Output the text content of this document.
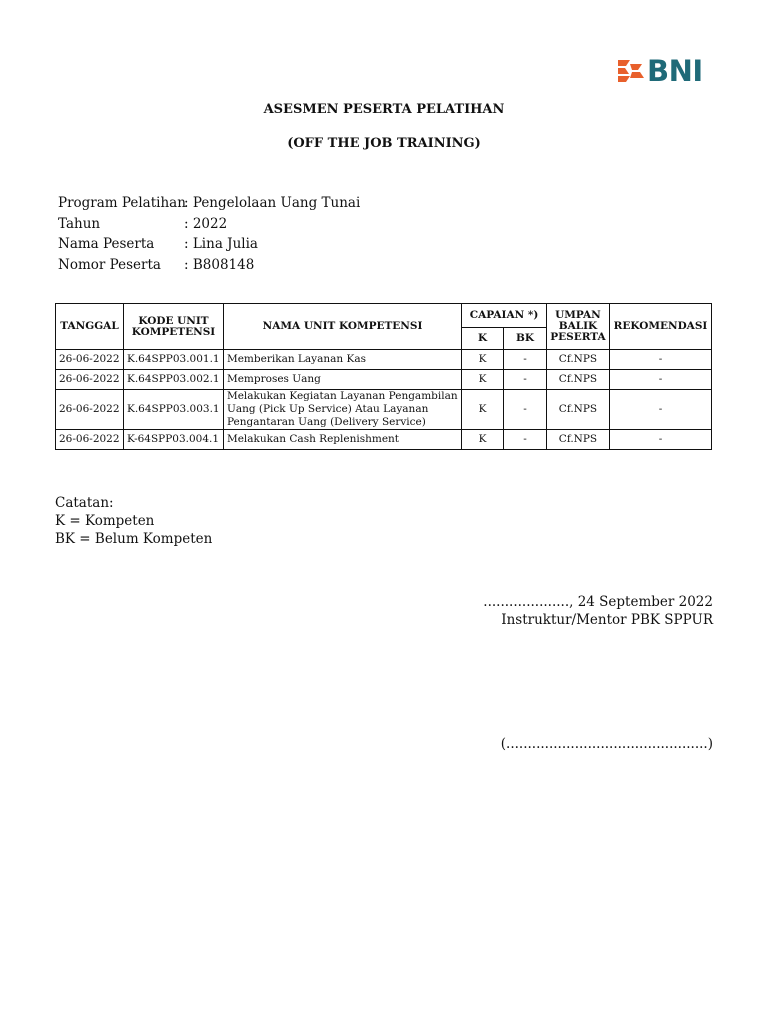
BNI
ASESMEN PESERTA PELATIHAN
(OFF THE JOB TRAINING)
Program Pelatihan
: Pengelolaan Uang Tunai
Tahun	: 2022
Nama Peserta	: Lina Julia
Nomor Peserta	: B808148
TANGGAL	KODE UNIT KOMPETENSI	NAMA UNIT KOMPETENSI	CAPAIAN *)		UMPAN BALIK PESERTA	REKOMENDASI
			K	BK		
26-06-2022	K.64SPP03.001.1	Memberikan Layanan Kas	K	-	Cf.NPS	-
26-06-2022	K.64SPP03.002.1	Memproses Uang	K	-	Cf.NPS	-
26-06-2022	K.64SPP03.003.1	Melakukan Kegiatan Layanan Pengambilan Uang (Pick Up Service) Atau Layanan Pengantaran Uang (Delivery Service)	K	-	Cf.NPS	-
26-06-2022	K-64SPP03.004.1	Melakukan Cash Replenishment	K	-	Cf.NPS	-
Catatan:
K = Kompeten
BK = Belum Kompeten
...................., 24 September 2022
Instruktur/Mentor PBK SPPUR
(...............................................)
